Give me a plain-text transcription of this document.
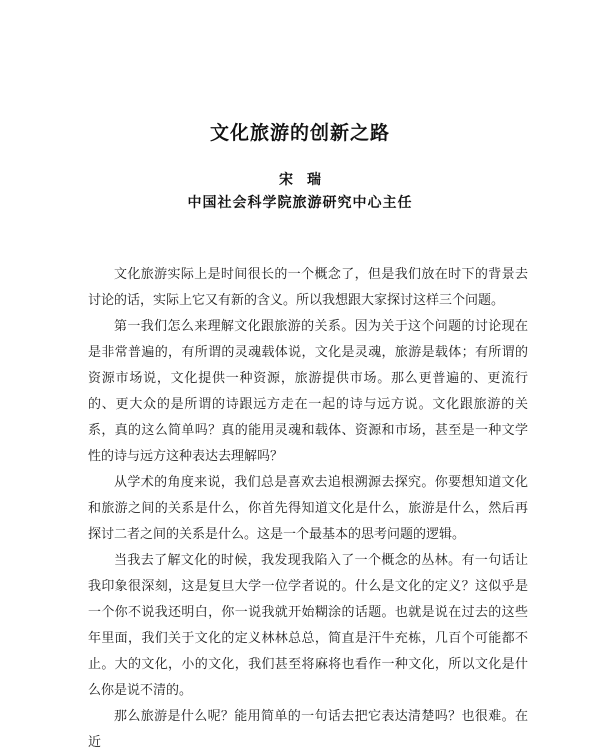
文化旅游的创新之路
宋瑞
中国社会科学院旅游研究中心主任

文化旅游实际上是时间很长的一个概念了，但是我们放在时下的背景去讨论的话，实际上它又有新的含义。所以我想跟大家探讨这样三个问题。

第一我们怎么来理解文化跟旅游的关系。因为关于这个问题的讨论现在是非常普遍的，有所谓的灵魂载体说，文化是灵魂，旅游是载体；有所谓的资源市场说，文化提供一种资源，旅游提供市场。那么更普遍的、更流行的、更大众的是所谓的诗跟远方走在一起的诗与远方说。文化跟旅游的关系，真的这么简单吗？真的能用灵魂和载体、资源和市场，甚至是一种文学性的诗与远方这种表达去理解吗？

从学术的角度来说，我们总是喜欢去追根溯源去探究。你要想知道文化和旅游之间的关系是什么，你首先得知道文化是什么，旅游是什么，然后再探讨二者之间的关系是什么。这是一个最基本的思考问题的逻辑。

当我去了解文化的时候，我发现我陷入了一个概念的丛林。有一句话让我印象很深刻，这是复旦大学一位学者说的。什么是文化的定义？这似乎是一个你不说我还明白，你一说我就开始糊涂的话题。也就是说在过去的这些年里面，我们关于文化的定义林林总总，简直是汗牛充栋，几百个可能都不止。大的文化，小的文化，我们甚至将麻将也看作一种文化，所以文化是什么你是说不清的。

那么旅游是什么呢？能用简单的一句话去把它表达清楚吗？也很难。在近
